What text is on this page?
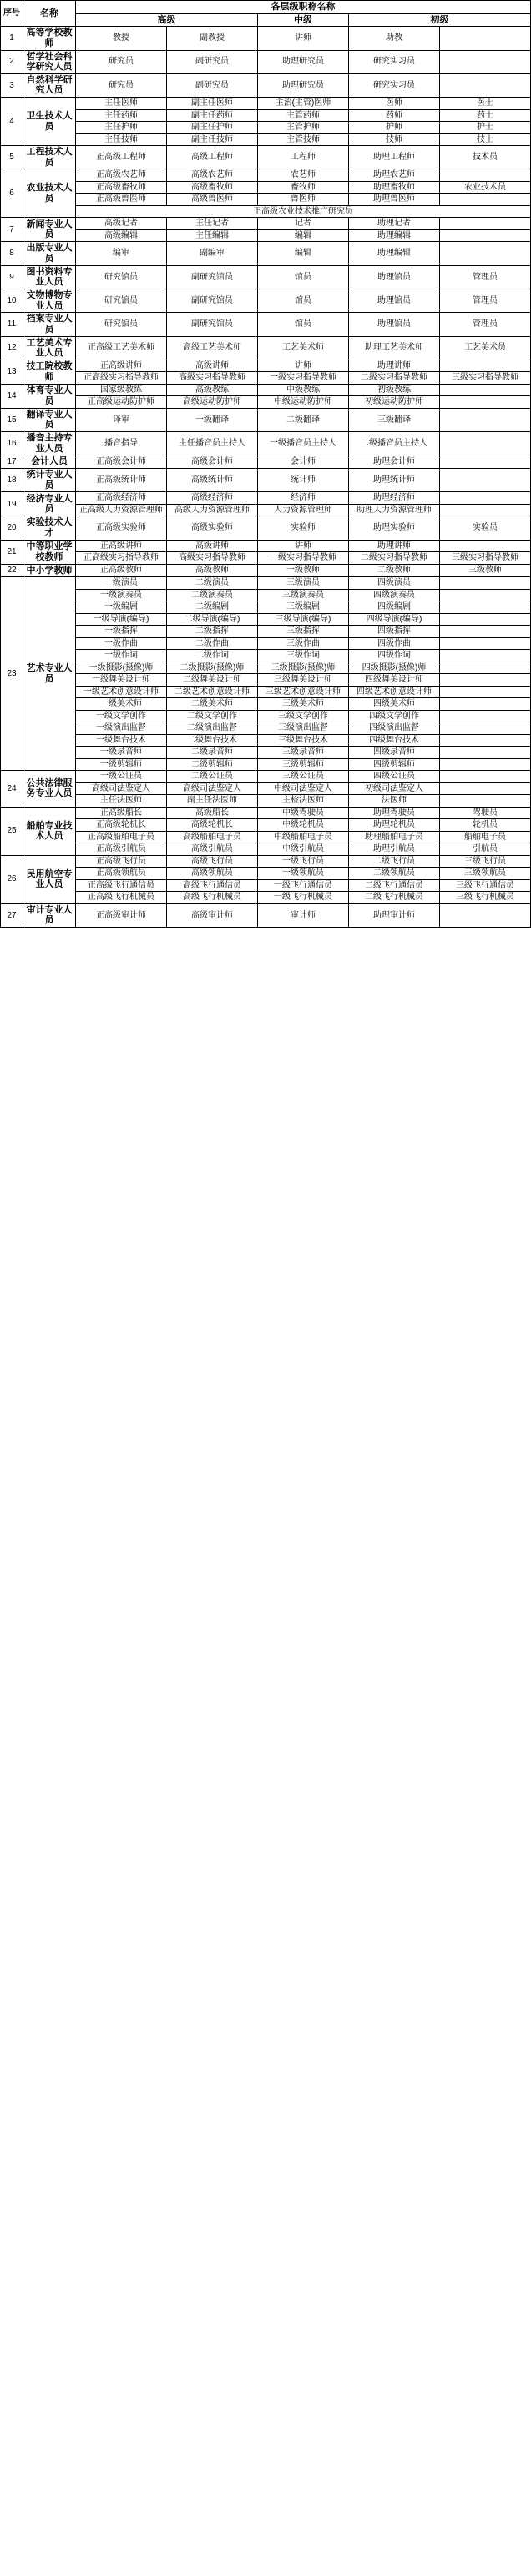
序号	名称	各层级职称名称				
		高级		中级	初级	
1	高等学校教师	教授	副教授	讲师	助教	
2	哲学社会科学研究人员	研究员	副研究员	助理研究员	研究实习员	
3	自然科学研究人员	研究员	副研究员	助理研究员	研究实习员	
4	卫生技术人员	主任医师	副主任医师	主治(主管)医师	医师	医士
		主任药师	副主任药师	主管药师	药师	药士
		主任护师	副主任护师	主管护师	护师	护士
		主任技师	副主任技师	主管技师	技师	技士
5	工程技术人员	正高级工程师	高级工程师	工程师	助理工程师	技术员
6	农业技术人员	正高级农艺师	高级农艺师	农艺师	助理农艺师	
		正高级畜牧师	高级畜牧师	畜牧师	助理畜牧师	农业技术员
		正高级兽医师	高级兽医师	兽医师	助理兽医师	
		正高级农业技术推广研究员				
7	新闻专业人员	高级记者	主任记者	记者	助理记者	
		高级编辑	主任编辑	编辑	助理编辑	
8	出版专业人员	编审	副编审	编辑	助理编辑	
9	图书资料专业人员	研究馆员	副研究馆员	馆员	助理馆员	管理员
10	文物博物专业人员	研究馆员	副研究馆员	馆员	助理馆员	管理员
11	档案专业人员	研究馆员	副研究馆员	馆员	助理馆员	管理员
12	工艺美术专业人员	正高级工艺美术师	高级工艺美术师	工艺美术师	助理工艺美术师	工艺美术员
13	技工院校教师	正高级讲师	高级讲师	讲师	助理讲师	
		正高级实习指导教师	高级实习指导教师	一级实习指导教师	二级实习指导教师	三级实习指导教师
14	体育专业人员	国家级教练	高级教练	中级教练	初级教练	
		正高级运动防护师	高级运动防护师	中级运动防护师	初级运动防护师	
15	翻译专业人员	译审	一级翻译	二级翻译	三级翻译	
16	播音主持专业人员	播音指导	主任播音员主持人	一级播音员主持人	二级播音员主持人	
17	会计人员	正高级会计师	高级会计师	会计师	助理会计师	
18	统计专业人员	正高级统计师	高级统计师	统计师	助理统计师	
19	经济专业人员	正高级经济师	高级经济师	经济师	助理经济师	
		正高级人力资源管理师	高级人力资源管理师	人力资源管理师	助理人力资源管理师	
20	实验技术人才	正高级实验师	高级实验师	实验师	助理实验师	实验员
21	中等职业学校教师	正高级讲师	高级讲师	讲师	助理讲师	
		正高级实习指导教师	高级实习指导教师	一级实习指导教师	二级实习指导教师	三级实习指导教师
22	中小学教师	正高级教师	高级教师	一级教师	二级教师	三级教师
23	艺术专业人员	一级演员	二级演员	三级演员	四级演员	
		一级演奏员	二级演奏员	三级演奏员	四级演奏员	
		一级编剧	二级编剧	三级编剧	四级编剧	
		一级导演(编导)	二级导演(编导)	三级导演(编导)	四级导演(编导)	
		一级指挥	二级指挥	三级指挥	四级指挥	
		一级作曲	二级作曲	三级作曲	四级作曲	
		一级作词	二级作词	三级作词	四级作词	
		一级摄影(摄像)师	二级摄影(摄像)师	三级摄影(摄像)师	四级摄影(摄像)师	
		一级舞美设计师	二级舞美设计师	三级舞美设计师	四级舞美设计师	
		一级艺术创意设计师	二级艺术创意设计师	三级艺术创意设计师	四级艺术创意设计师	
		一级美术师	二级美术师	三级美术师	四级美术师	
		一级文学创作	二级文学创作	三级文学创作	四级文学创作	
		一级演出监督	二级演出监督	三级演出监督	四级演出监督	
		一级舞台技术	二级舞台技术	三级舞台技术	四级舞台技术	
		一级录音师	二级录音师	三级录音师	四级录音师	
		一级剪辑师	二级剪辑师	三级剪辑师	四级剪辑师	
24	公共法律服务专业人员	一级公证员	二级公证员	三级公证员	四级公证员	
		高级司法鉴定人	高级司法鉴定人	中级司法鉴定人	初级司法鉴定人	
		主任法医师	副主任法医师	主检法医师	法医师	
25	船舶专业技术人员	正高级船长	高级船长	中级驾驶员	助理驾驶员	驾驶员
		正高级轮机长	高级轮机长	中级轮机员	助理轮机员	轮机员
		正高级船舶电子员	高级船舶电子员	中级船舶电子员	助理船舶电子员	船舶电子员
		正高级引航员	高级引航员	中级引航员	助理引航员	引航员
26	民用航空专业人员	正高级飞行员	高级飞行员	一级飞行员	二级飞行员	三级飞行员
		正高级领航员	高级领航员	一级领航员	二级领航员	三级领航员
		正高级飞行通信员	高级飞行通信员	一级飞行通信员	二级飞行通信员	三级飞行通信员
		正高级飞行机械员	高级飞行机械员	一级飞行机械员	二级飞行机械员	三级飞行机械员
27	审计专业人员	正高级审计师	高级审计师	审计师	助理审计师	
